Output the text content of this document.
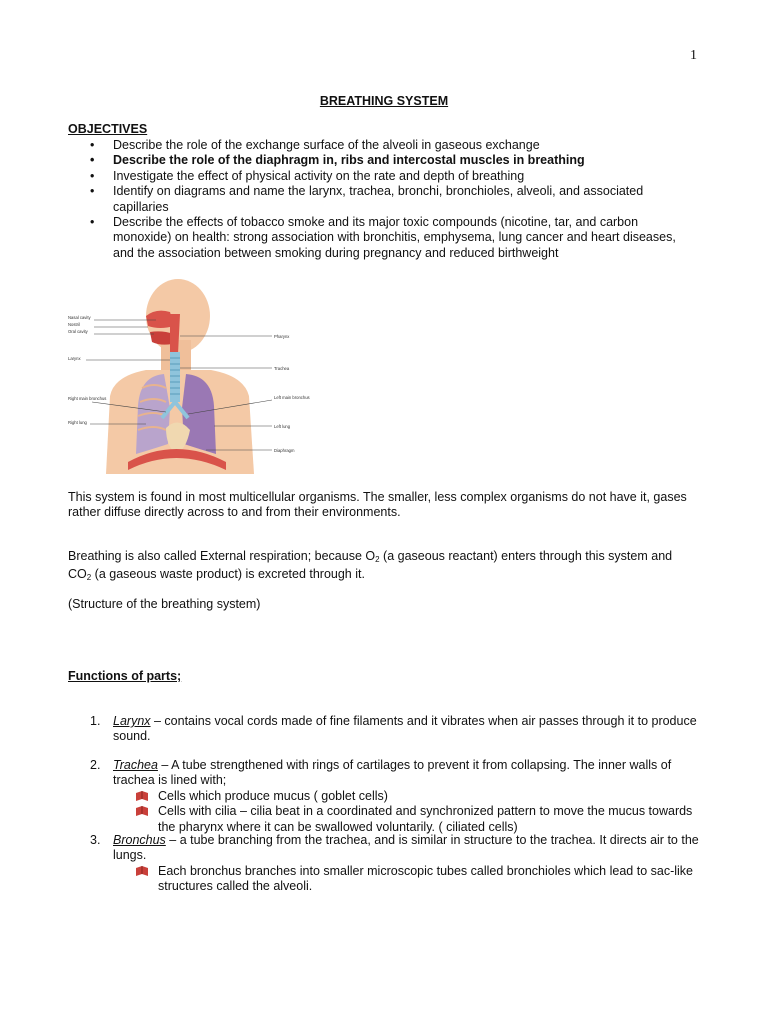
1
BREATHING SYSTEM
OBJECTIVES
• Describe the role of the exchange surface of the alveoli in gaseous exchange
• Describe the role of the diaphragm in, ribs and intercostal muscles in breathing
• Investigate the effect of physical activity on the rate and depth of breathing
• Identify on diagrams and name the larynx, trachea, bronchi, bronchioles, alveoli, and associated capillaries
• Describe the effects of tobacco smoke and its major toxic compounds (nicotine, tar, and carbon monoxide) on health: strong association with bronchitis, emphysema, lung cancer and heart diseases, and the association between smoking during pregnancy and reduced birthweight
Nasal cavity
Nostril
Oral cavity
Larynx
Right main bronchus
Right lung
Pharynx
Trachea
Left main bronchus
Left lung
Diaphragm

This system is found in most multicellular organisms. The smaller, less complex organisms do not have it, gases rather diffuse directly across to and from their environments.

Breathing is also called External respiration; because $O_2$ (a gaseous reactant) enters through this system and $CO_2$ (a gaseous waste product) is excreted through it.

(Structure of the breathing system)

Functions of parts;
1. Larynx – contains vocal cords made of fine filaments and it vibrates when air passes through it to produce sound.
2. Trachea – A tube strengthened with rings of cartilages to prevent it from collapsing. The inner walls of trachea is lined with;
Cells which produce mucus ( goblet cells)
Cells with cilia – cilia beat in a coordinated and synchronized pattern to move the mucus towards the pharynx where it can be swallowed voluntarily. ( ciliated cells)
3. Bronchus – a tube branching from the trachea, and is similar in structure to the trachea. It directs air to the lungs.
Each bronchus branches into smaller microscopic tubes called bronchioles which lead to sac-like structures called the alveoli.
